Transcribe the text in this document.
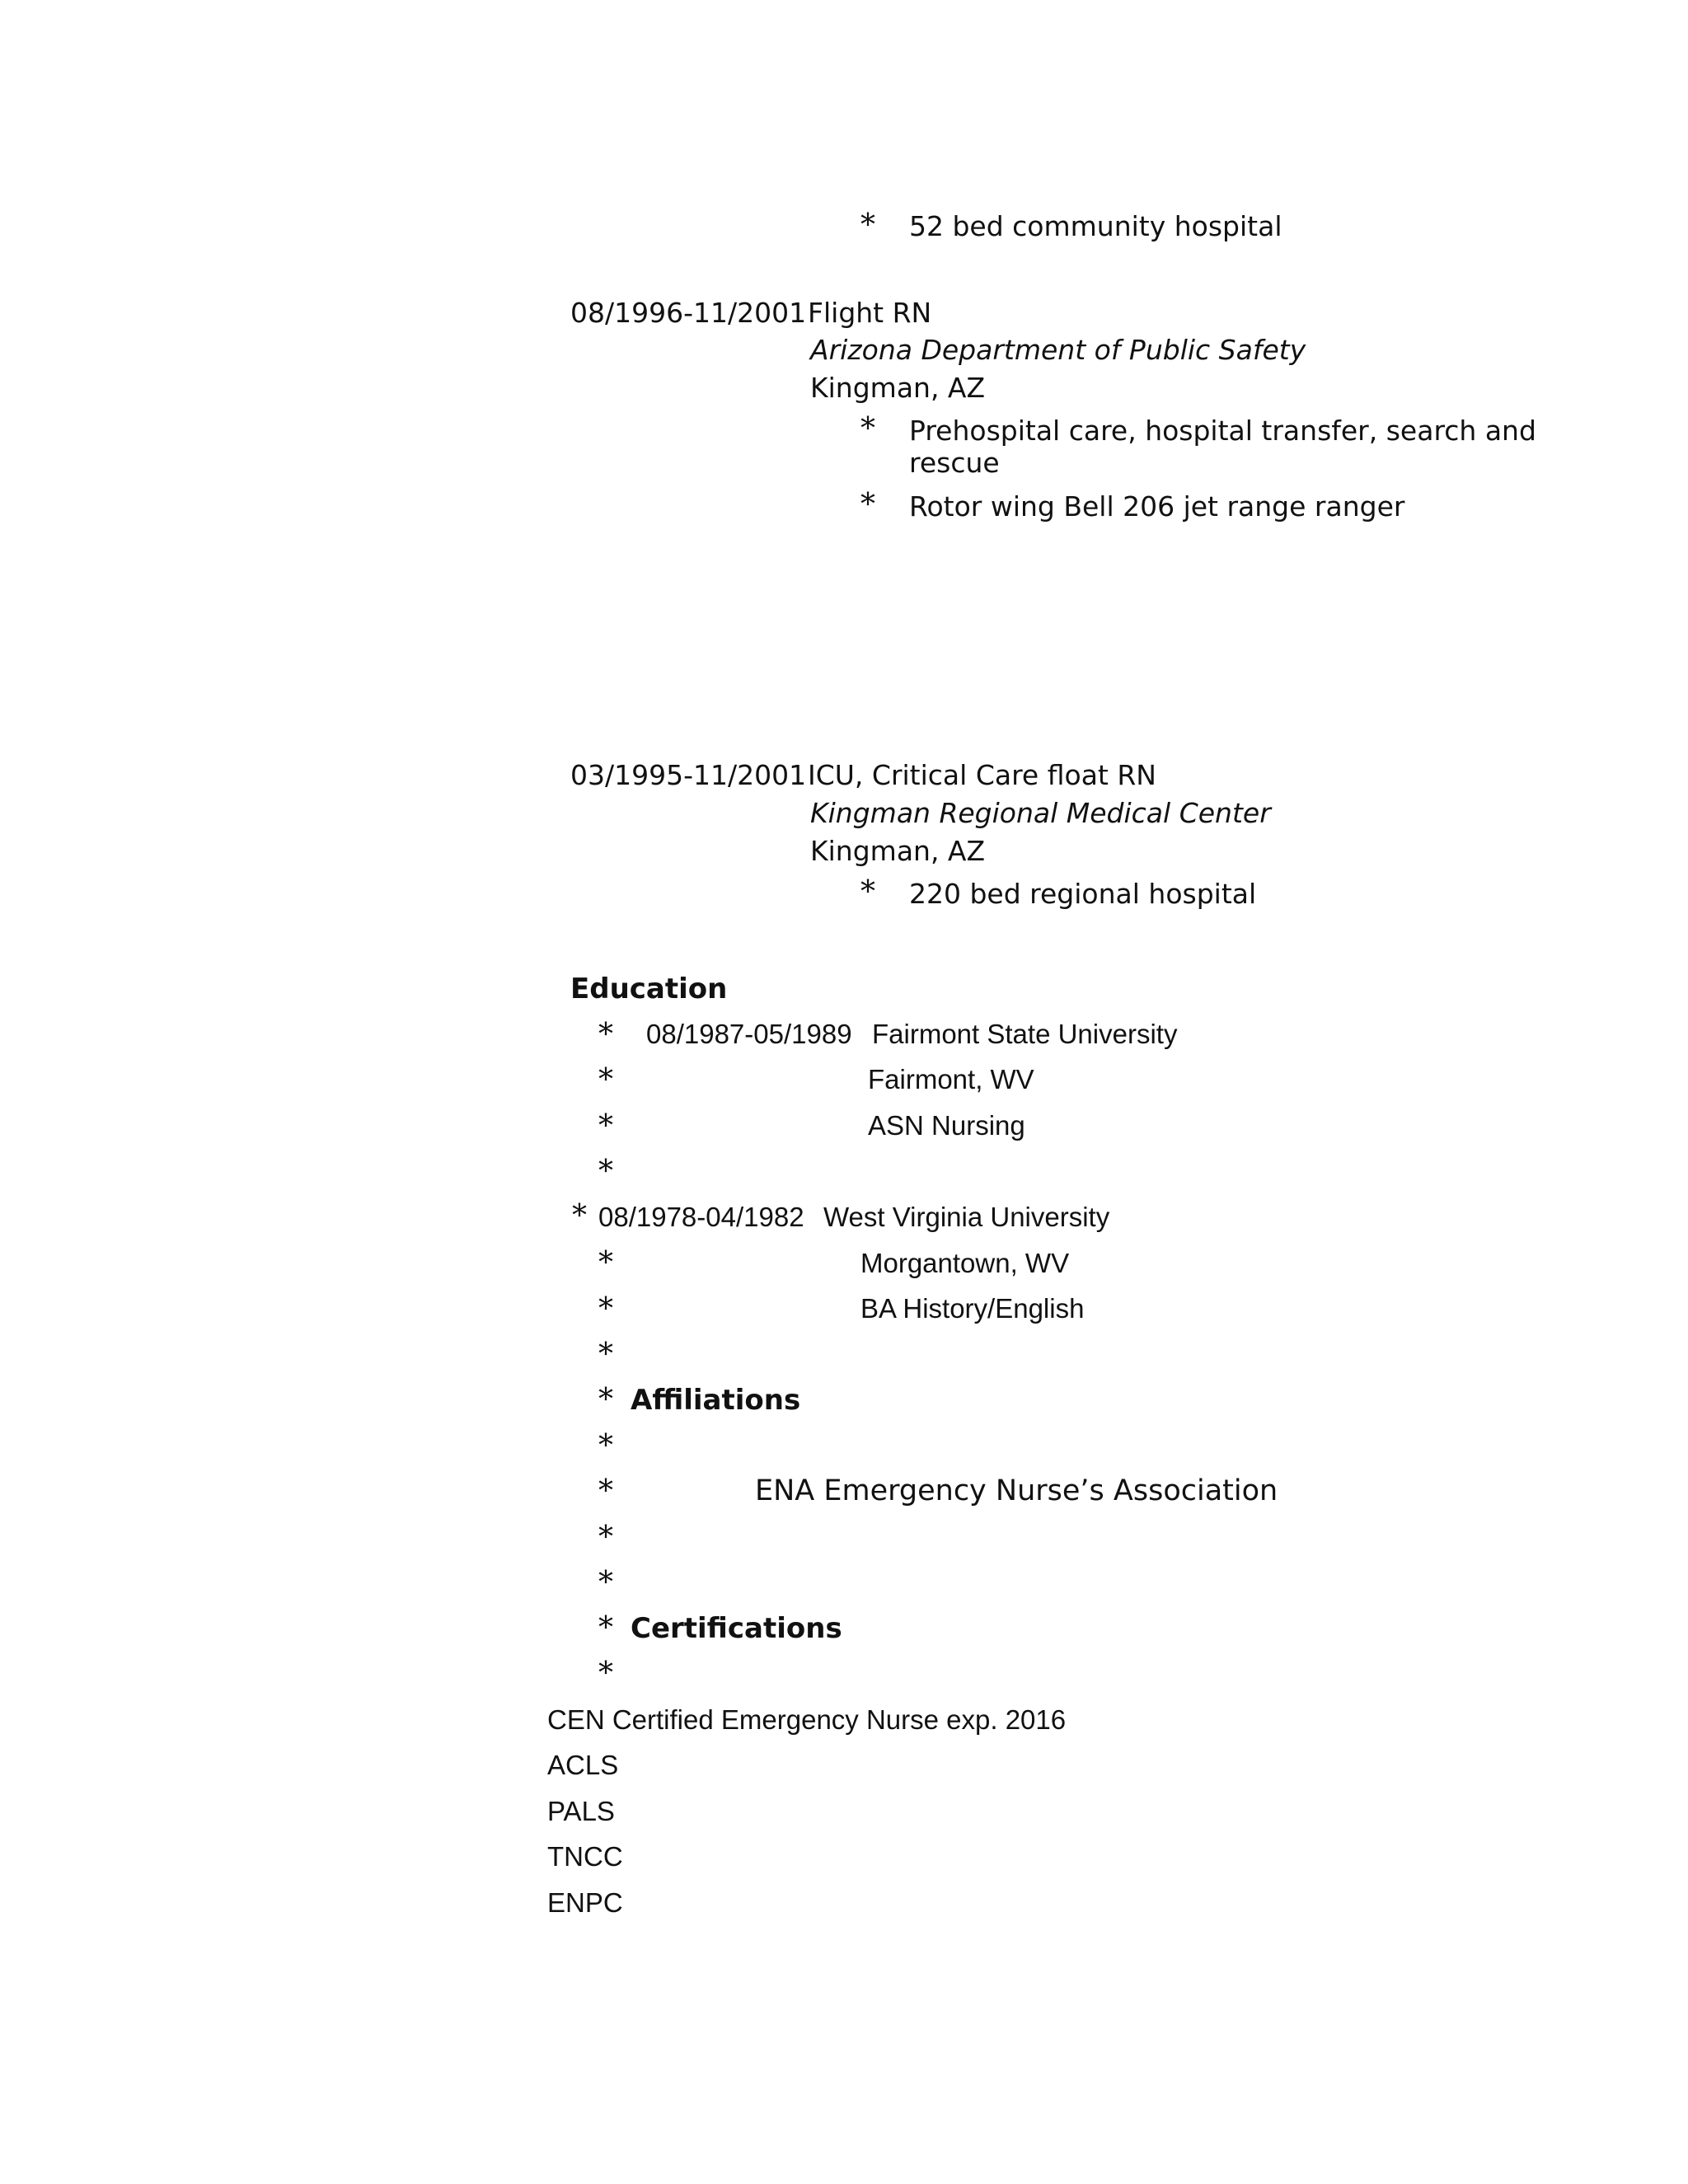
* 52 bed community hospital
08/1996-11/2001 Flight RN
Arizona Department of Public Safety
Kingman, AZ
* Prehospital care, hospital transfer, search and
rescue
* Rotor wing Bell 206 jet range ranger
03/1995-11/2001 ICU, Critical Care float RN
Kingman Regional Medical Center
Kingman, AZ
* 220 bed regional hospital
Education
* 08/1987-05/1989 Fairmont State University
*	Fairmont, WV
*	ASN Nursing
*
* 08/1978-04/1982 West Virginia University
*	Morgantown, WV
*	BA History/English
*
* Affiliations
*
*	ENA Emergency Nurse’s Association
*
*
* Certifications
*
CEN Certified Emergency Nurse exp. 2016
ACLS
PALS
TNCC
ENPC
